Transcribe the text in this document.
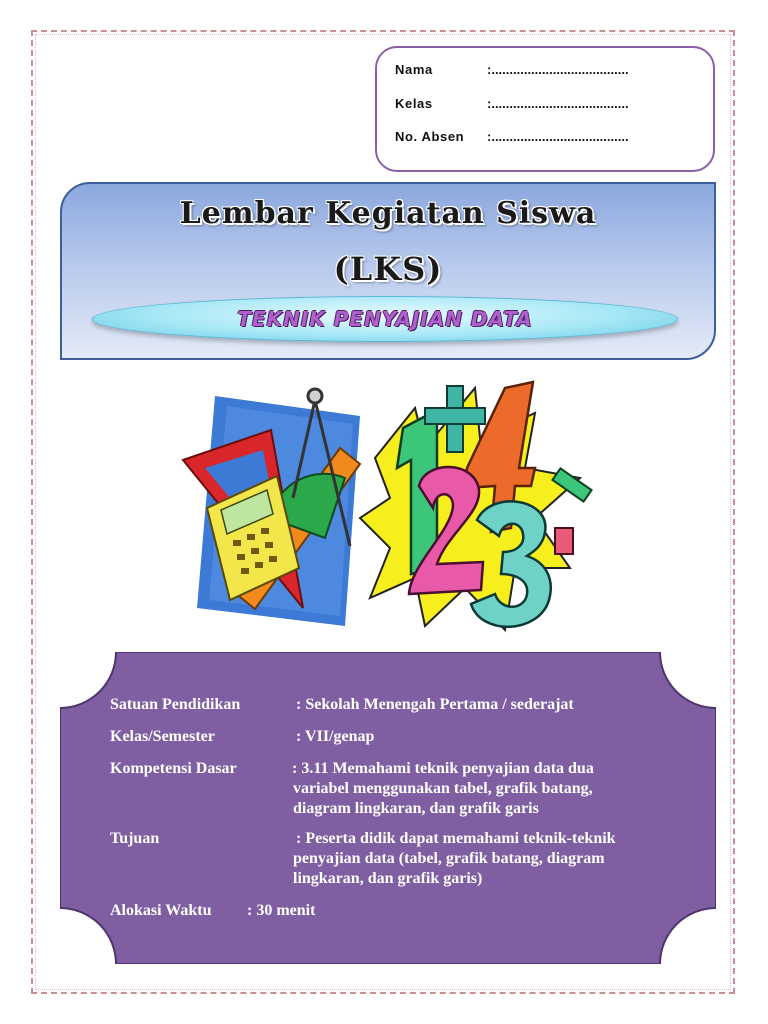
Nama	:......................................
Kelas	:......................................
No. Absen :......................................
Lembar Kegiatan Siswa
(LKS)
TEKNIK PENYAJIAN DATA
Satuan Pendidikan	: Sekolah Menengah Pertama / sederajat
Kelas/Semester	: VII/genap
Kompetensi Dasar	: 3.11 Memahami teknik penyajian data dua
variabel menggunakan tabel, grafik batang,
diagram lingkaran, dan grafik garis
Tujuan	: Peserta didik dapat memahami teknik-teknik
penyajian data (tabel, grafik batang, diagram
lingkaran, dan grafik garis)
Alokasi Waktu : 30 menit
